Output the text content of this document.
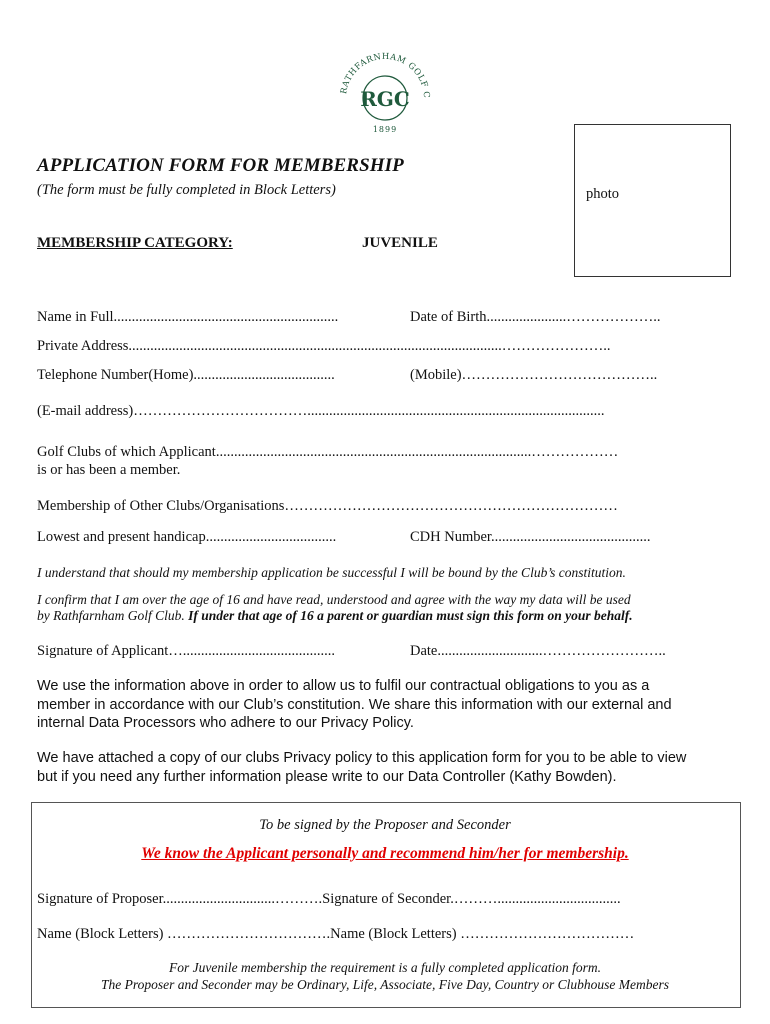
RATHFARNHAM GOLF C
RGC
1899
APPLICATION FORM FOR MEMBERSHIP
(The form must be fully completed in Block Letters)	photo
MEMBERSHIP CATEGORY:	JUVENILE
Name in Full..............................................................	Date of Birth......................………………..
Private Address.......................................................................................................…………………..
Telephone Number(Home).......................................	(Mobile)…………………………………..
(E-mail address)………………………………..................................................................................
Golf Clubs of which Applicant.......................................................................................………………
is or has been a member.
Membership of Other Clubs/Organisations……………………………………………………………
Lowest and present handicap....................................	CDH Number............................................
I understand that should my membership application be successful I will be bound by the Club’s constitution.
I confirm that I am over the age of 16 and have read, understood and agree with the way my data will be used
by Rathfarnham Golf Club. If under that age of 16 a parent or guardian must sign this form on your behalf.
Signature of Applicant…..........................................	Date.............................……………………..
We use the information above in order to allow us to fulfil our contractual obligations to you as a
member in accordance with our Club’s constitution. We share this information with our external and
internal Data Processors who adhere to our Privacy Policy.
We have attached a copy of our clubs Privacy policy to this application form for you to be able to view
but if you need any further information please write to our Data Controller (Kathy Bowden).
To be signed by the Proposer and Seconder
We know the Applicant personally and recommend him/her for membership.
Signature of Proposer...............................……….Signature of Seconder.………..................................
Name (Block Letters) …………………………….Name (Block Letters) ………………………………
For Juvenile membership the requirement is a fully completed application form.
The Proposer and Seconder may be Ordinary, Life, Associate, Five Day, Country or Clubhouse Members
